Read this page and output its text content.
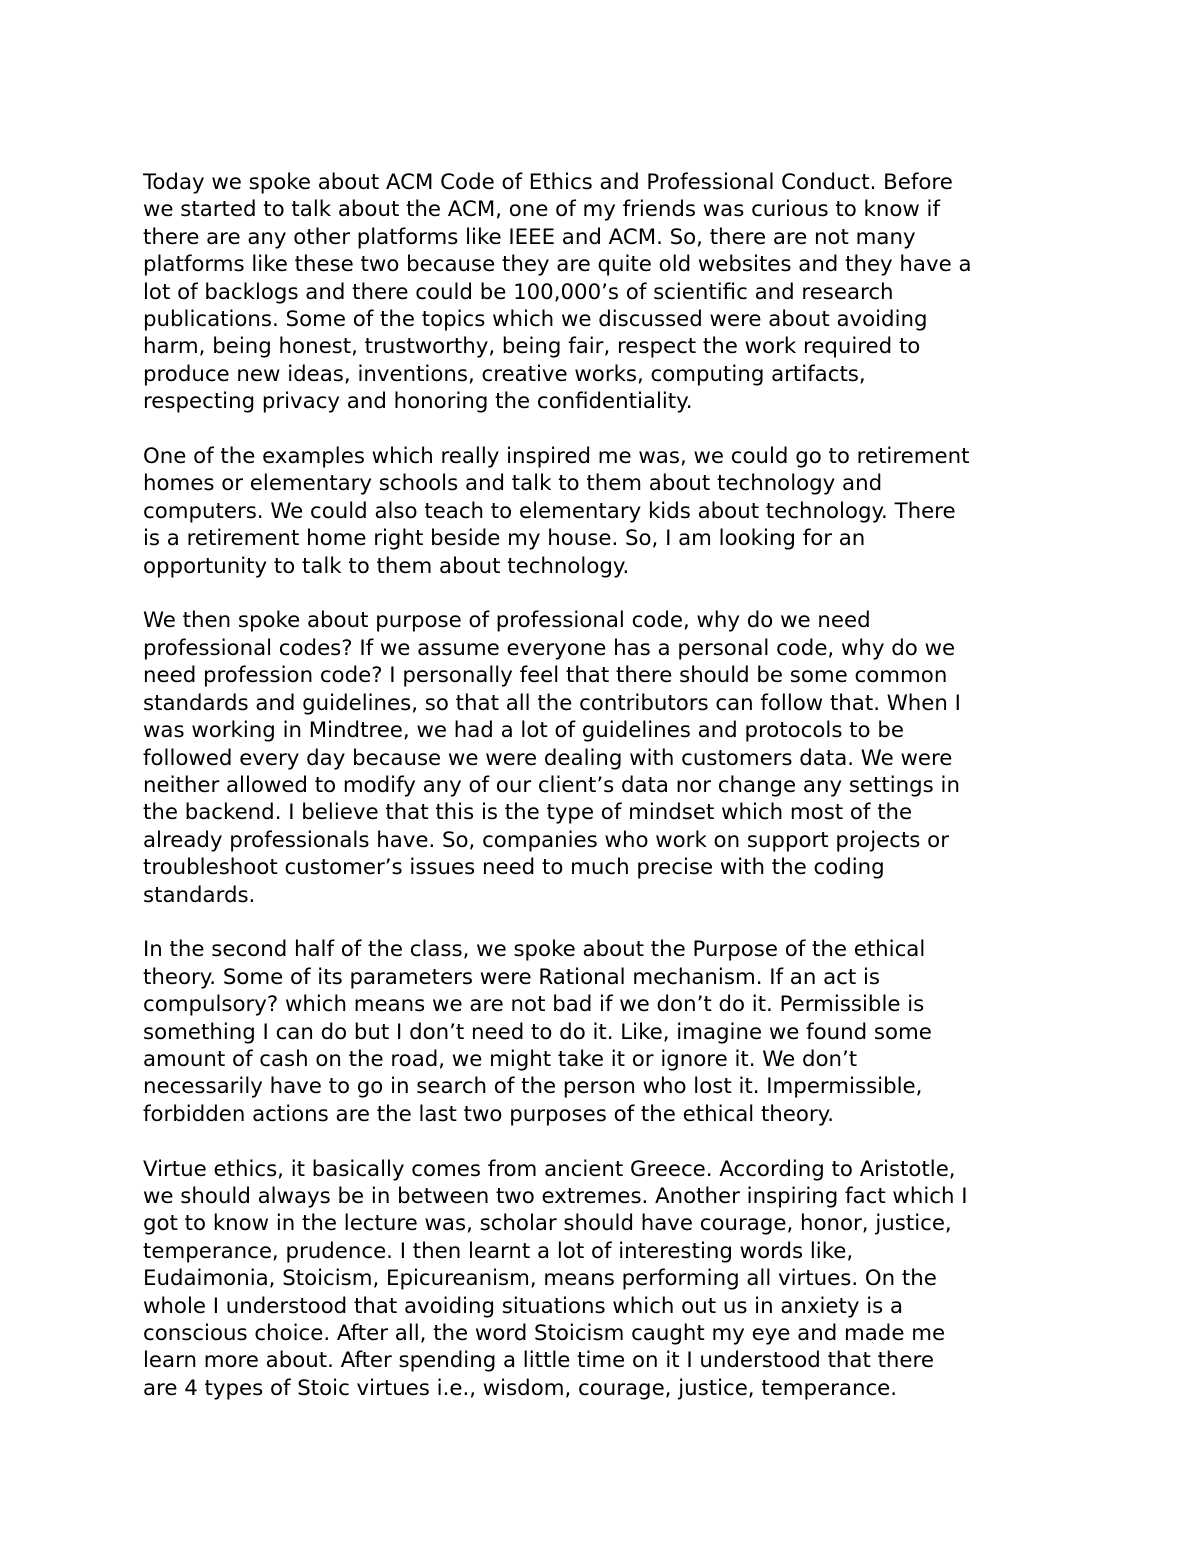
Today we spoke about ACM Code of Ethics and Professional Conduct. Before
we started to talk about the ACM, one of my friends was curious to know if
there are any other platforms like IEEE and ACM. So, there are not many
platforms like these two because they are quite old websites and they have a
lot of backlogs and there could be 100,000’s of scientific and research
publications. Some of the topics which we discussed were about avoiding
harm, being honest, trustworthy, being fair, respect the work required to
produce new ideas, inventions, creative works, computing artifacts,
respecting privacy and honoring the confidentiality.

One of the examples which really inspired me was, we could go to retirement
homes or elementary schools and talk to them about technology and
computers. We could also teach to elementary kids about technology. There
is a retirement home right beside my house. So, I am looking for an
opportunity to talk to them about technology.

We then spoke about purpose of professional code, why do we need
professional codes? If we assume everyone has a personal code, why do we
need profession code? I personally feel that there should be some common
standards and guidelines, so that all the contributors can follow that. When I
was working in Mindtree, we had a lot of guidelines and protocols to be
followed every day because we were dealing with customers data. We were
neither allowed to modify any of our client’s data nor change any settings in
the backend. I believe that this is the type of mindset which most of the
already professionals have. So, companies who work on support projects or
troubleshoot customer’s issues need to much precise with the coding
standards.

In the second half of the class, we spoke about the Purpose of the ethical
theory. Some of its parameters were Rational mechanism. If an act is
compulsory? which means we are not bad if we don’t do it. Permissible is
something I can do but I don’t need to do it. Like, imagine we found some
amount of cash on the road, we might take it or ignore it. We don’t
necessarily have to go in search of the person who lost it. Impermissible,
forbidden actions are the last two purposes of the ethical theory.

Virtue ethics, it basically comes from ancient Greece. According to Aristotle,
we should always be in between two extremes. Another inspiring fact which I
got to know in the lecture was, scholar should have courage, honor, justice,
temperance, prudence. I then learnt a lot of interesting words like,
Eudaimonia, Stoicism, Epicureanism, means performing all virtues. On the
whole I understood that avoiding situations which out us in anxiety is a
conscious choice. After all, the word Stoicism caught my eye and made me
learn more about. After spending a little time on it I understood that there
are 4 types of Stoic virtues i.e., wisdom, courage, justice, temperance.
